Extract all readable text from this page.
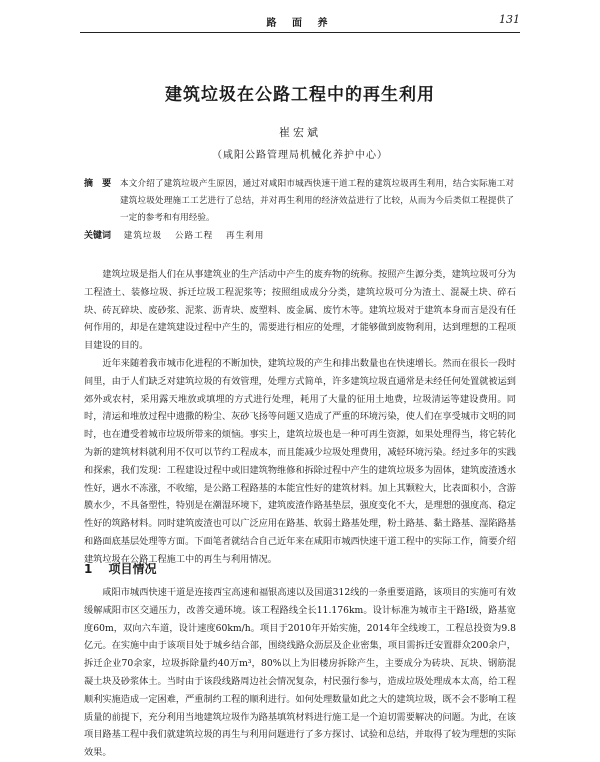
路 面 养	131
建筑垃圾在公路工程中的再生利用
崔宏斌
（咸阳公路管理局机械化养护中心）
摘 要 本文介绍了建筑垃圾产生原因，通过对咸阳市城西快速干道工程的建筑垃圾再生利用，结合实际施工对建筑垃圾处理施工工艺进行了总结，并对再生利用的经济效益进行了比较，从而为今后类似工程提供了一定的参考和有用经验。
关键词 建筑垃圾 公路工程 再生利用

建筑垃圾是指人们在从事建筑业的生产活动中产生的废弃物的统称。按照产生源分类，建筑垃圾可分为工程渣土、装修垃圾、拆迁垃圾工程泥浆等；按照组成成分分类，建筑垃圾可分为渣土、混凝土块、碎石块、砖瓦碎块、废砂浆、泥浆、沥青块、废塑料、废金属、废竹木等。建筑垃圾对于建筑本身而言是没有任何作用的，却是在建筑建设过程中产生的，需要进行相应的处理，才能够做到废物利用，达到理想的工程项目建设的目的。

近年来随着我市城市化进程的不断加快，建筑垃圾的产生和排出数量也在快速增长。然而在很长一段时间里，由于人们缺乏对建筑垃圾的有效管理，处理方式简单，许多建筑垃圾直通常是未经任何处置就被运到郊外或农村，采用露天堆放或填埋的方式进行处理，耗用了大量的征用土地费，垃圾清运等建设费用。同时，清运和堆放过程中遗撒的粉尘、灰砂飞扬等问题又造成了严重的环境污染，使人们在享受城市文明的同时，也在遭受着城市垃圾所带来的烦恼。事实上，建筑垃圾也是一种可再生资源，如果处理得当，将它转化为新的建筑材料就利用不仅可以节约工程成本，而且能减少垃圾处理费用，减轻环境污染。经过多年的实践和探索，我们发现：工程建设过程中或旧建筑物维修和拆除过程中产生的建筑垃圾多为固体，建筑废渣透水性好，遇水不冻涨，不收缩，是公路工程路基的本能宜性好的建筑材料。加上其颗粒大，比表面积小，含游膜水少，不具备塑性，特别是在潮湿环境下，建筑废渣作路基垫层，强度变化不大，是理想的强度高、稳定性好的筑路材料。同时建筑废渣也可以广泛应用在路基、软弱土路基处理，粉土路基、黏土路基、湿陷路基和路面底基层处理等方面。下面笔者就结合自己近年来在咸阳市城西快速干道工程中的实际工作，简要介绍建筑垃圾在公路工程施工中的再生与利用情况。

1 项目情况

咸阳市城西快速干道是连接西宝高速和福银高速以及国道312线的一条重要道路，该项目的实施可有效缓解咸阳市区交通压力，改善交通环境。该工程路线全长11.176km。设计标准为城市主干路Ⅰ级，路基宽度60m，双向六车道，设计速度60km/h。项目于2010年开始实施，2014年全线竣工，工程总投资为9.8亿元。在实施中由于该项目处于城乡结合部，围绕线路众沥层及企业密集，项目需拆迁安置群众200余户，拆迁企业70余家，垃圾拆除量约40万m³，80%以上为旧楼房拆除产生，主要成分为砖块、瓦块、钢筋混凝土块及砂浆体土。当时由于该段线路周边社会情况复杂，村民强行参与，造成垃圾处理成本太高，给工程顺利实施造成一定困难，严重制约工程的顺利进行。如何处理数量如此之大的建筑垃圾，既不会不影响工程质量的前提下，充分利用当地建筑垃圾作为路基填筑材料进行施工是一个迫切需要解决的问题。为此，在该项目路基工程中我们就建筑垃圾的再生与利用问题进行了多方探讨、试验和总结，并取得了较为理想的实际效果。
